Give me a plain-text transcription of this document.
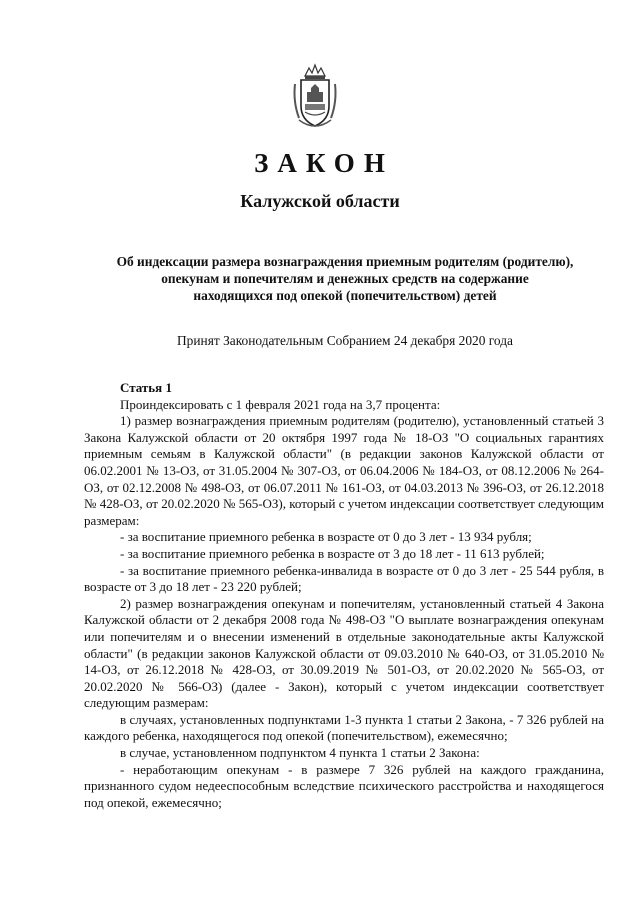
ЗАКОН
Калужской области
Об индексации размера вознаграждения приемным родителям (родителю),
опекунам и попечителям и денежных средств на содержание
находящихся под опекой (попечительством) детей
Принят Законодательным Собранием 24 декабря 2020 года

Статья 1

Проиндексировать с 1 февраля 2021 года на 3,7 процента:

1) размер вознаграждения приемным родителям (родителю), установленный статьей 3 Закона Калужской области от 20 октября 1997 года № 18-ОЗ "О социальных гарантиях приемным семьям в Калужской области" (в редакции законов Калужской области от 06.02.2001 № 13-ОЗ, от 31.05.2004 № 307-ОЗ, от 06.04.2006 № 184-ОЗ, от 08.12.2006 № 264-ОЗ, от 02.12.2008 № 498-ОЗ, от 06.07.2011 № 161-ОЗ, от 04.03.2013 № 396-ОЗ, от 26.12.2018 № 428-ОЗ, от 20.02.2020 № 565-ОЗ), который с учетом индексации соответствует следующим размерам:

- за воспитание приемного ребенка в возрасте от 0 до 3 лет - 13 934 рубля;

- за воспитание приемного ребенка в возрасте от 3 до 18 лет - 11 613 рублей;

- за воспитание приемного ребенка-инвалида в возрасте от 0 до 3 лет - 25 544 рубля, в возрасте от 3 до 18 лет - 23 220 рублей;

2) размер вознаграждения опекунам и попечителям, установленный статьей 4 Закона Калужской области от 2 декабря 2008 года № 498-ОЗ "О выплате вознаграждения опекунам или попечителям и о внесении изменений в отдельные законодательные акты Калужской области" (в редакции законов Калужской области от 09.03.2010 № 640-ОЗ, от 31.05.2010 № 14-ОЗ, от 26.12.2018 № 428-ОЗ, от 30.09.2019 № 501-ОЗ, от 20.02.2020 № 565-ОЗ, от 20.02.2020 № 566-ОЗ) (далее - Закон), который с учетом индексации соответствует следующим размерам:

в случаях, установленных подпунктами 1-3 пункта 1 статьи 2 Закона, - 7 326 рублей на каждого ребенка, находящегося под опекой (попечительством), ежемесячно;

в случае, установленном подпунктом 4 пункта 1 статьи 2 Закона:

- неработающим опекунам - в размере 7 326 рублей на каждого гражданина, признанного судом недееспособным вследствие психического расстройства и находящегося под опекой, ежемесячно;
